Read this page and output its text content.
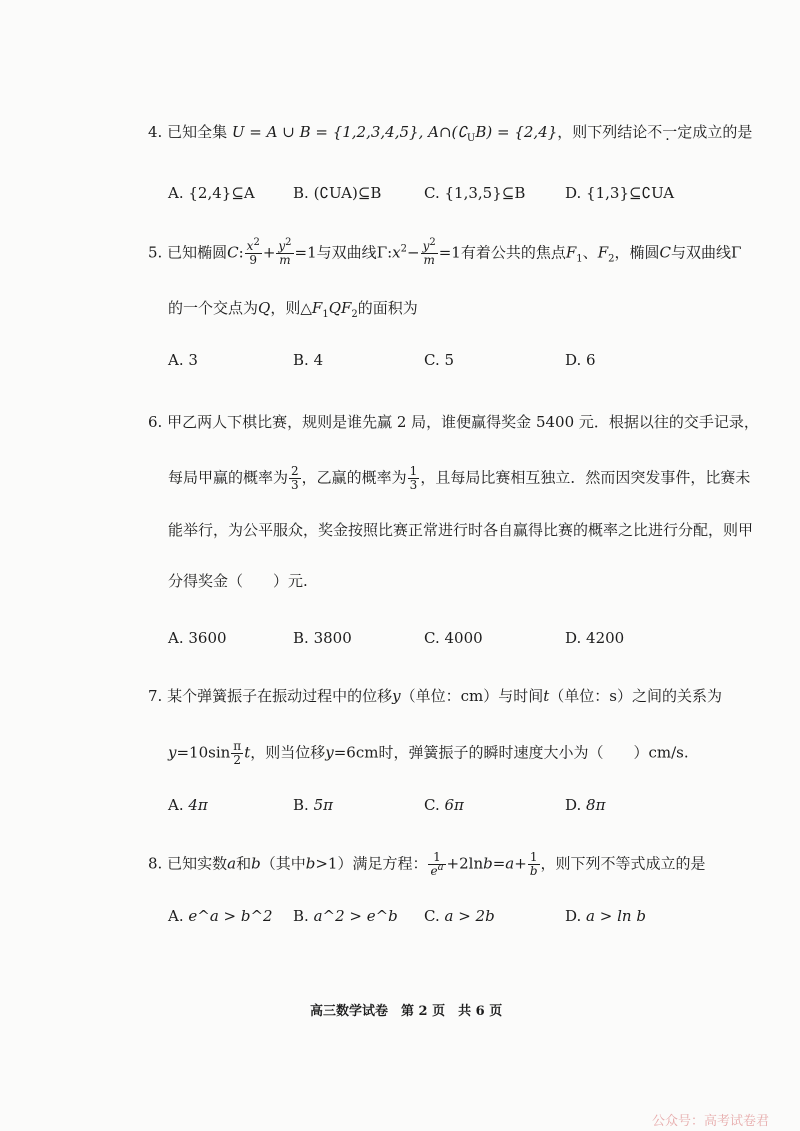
4. 已知全集 U = A ∪ B = {1,2,3,4,5}, $A\cap(∁_UB) = \{2,4\}$，则下列结论不一定成立的是
A. {2,4}⊆A	B. (∁UA)⊆B	C. {1,3,5}⊆B	D. {1,3}⊆∁UA
5. 已知椭圆C: $\frac{x^2}{9} + \frac{y^2}{m} =1$与双曲线$\Gamma:x^2- \frac{y^2}{m} =1$有着公共的焦点$F_1$、$F_2$，椭圆C与双曲线Γ
的一个交点为Q，则$\triangle F_1QF_2$的面积为
A. 3	B. 4	C. 5	D. 6
6. 甲乙两人下棋比赛，规则是谁先赢 2 局，谁便赢得奖金 5400 元．根据以往的交手记录，
每局甲赢的概率为 $\frac{2}{3}$ ，乙赢的概率为 $\frac{1}{3}$ ，且每局比赛相互独立．然而因突发事件，比赛未
能举行，为公平服众，奖金按照比赛正常进行时各自赢得比赛的概率之比进行分配，则甲
分得奖金（　　）元.
A. 3600	B. 3800	C. 4000	D. 4200
7. 某个弹簧振子在振动过程中的位移y（单位：cm）与时间t（单位：s）之间的关系为
$y=10\sin \frac{\pi}{2}$ t，则当位移y=6cm时，弹簧振子的瞬时速度大小为（　　）cm/s.
A. 4π	B. 5π	C. 6π	D. 8π
8. 已知实数a和b（其中b>1）满足方程： $\frac{1}{e^a} +2\ln b=a+ \frac{1}{b}$ ，则下列不等式成立的是
A. e^a > b^2 B. a^2 > e^b C. a > 2b	D. a > ln b
高三数学试卷　第 2 页　共 6 页
公众号：高考试卷君
